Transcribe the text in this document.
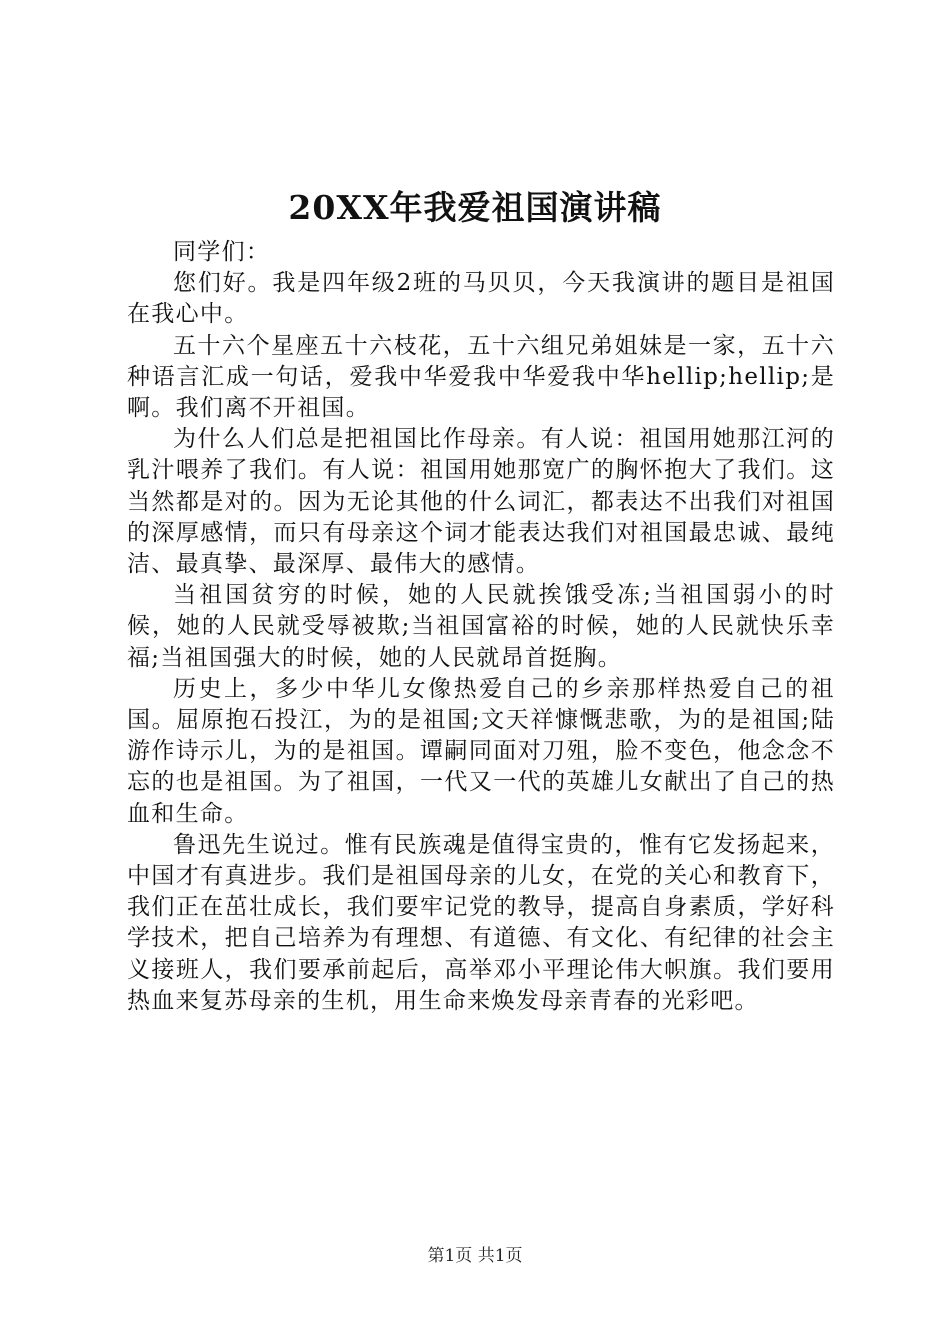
20XX年我爱祖国演讲稿

同学们：

您们好。我是四年级2班的马贝贝，今天我演讲的题目是祖国在我心中。

五十六个星座五十六枝花，五十六组兄弟姐妹是一家，五十六种语言汇成一句话，爱我中华爱我中华爱我中华hellip;hellip;是啊。我们离不开祖国。

为什么人们总是把祖国比作母亲。有人说：祖国用她那江河的乳汁喂养了我们。有人说：祖国用她那宽广的胸怀抱大了我们。这当然都是对的。因为无论其他的什么词汇，都表达不出我们对祖国的深厚感情，而只有母亲这个词才能表达我们对祖国最忠诚、最纯洁、最真挚、最深厚、最伟大的感情。

当祖国贫穷的时候，她的人民就挨饿受冻;当祖国弱小的时候，她的人民就受辱被欺;当祖国富裕的时候，她的人民就快乐幸福;当祖国强大的时候，她的人民就昂首挺胸。

历史上，多少中华儿女像热爱自己的乡亲那样热爱自己的祖国。屈原抱石投江，为的是祖国;文天祥慷慨悲歌，为的是祖国;陆游作诗示儿，为的是祖国。谭嗣同面对刀殂，脸不变色，他念念不忘的也是祖国。为了祖国，一代又一代的英雄儿女献出了自己的热血和生命。

鲁迅先生说过。惟有民族魂是值得宝贵的，惟有它发扬起来，中国才有真进步。我们是祖国母亲的儿女，在党的关心和教育下，我们正在茁壮成长，我们要牢记党的教导，提高自身素质，学好科学技术，把自己培养为有理想、有道德、有文化、有纪律的社会主义接班人，我们要承前起后，高举邓小平理论伟大帜旗。我们要用热血来复苏母亲的生机，用生命来焕发母亲青春的光彩吧。

第1页 共1页
